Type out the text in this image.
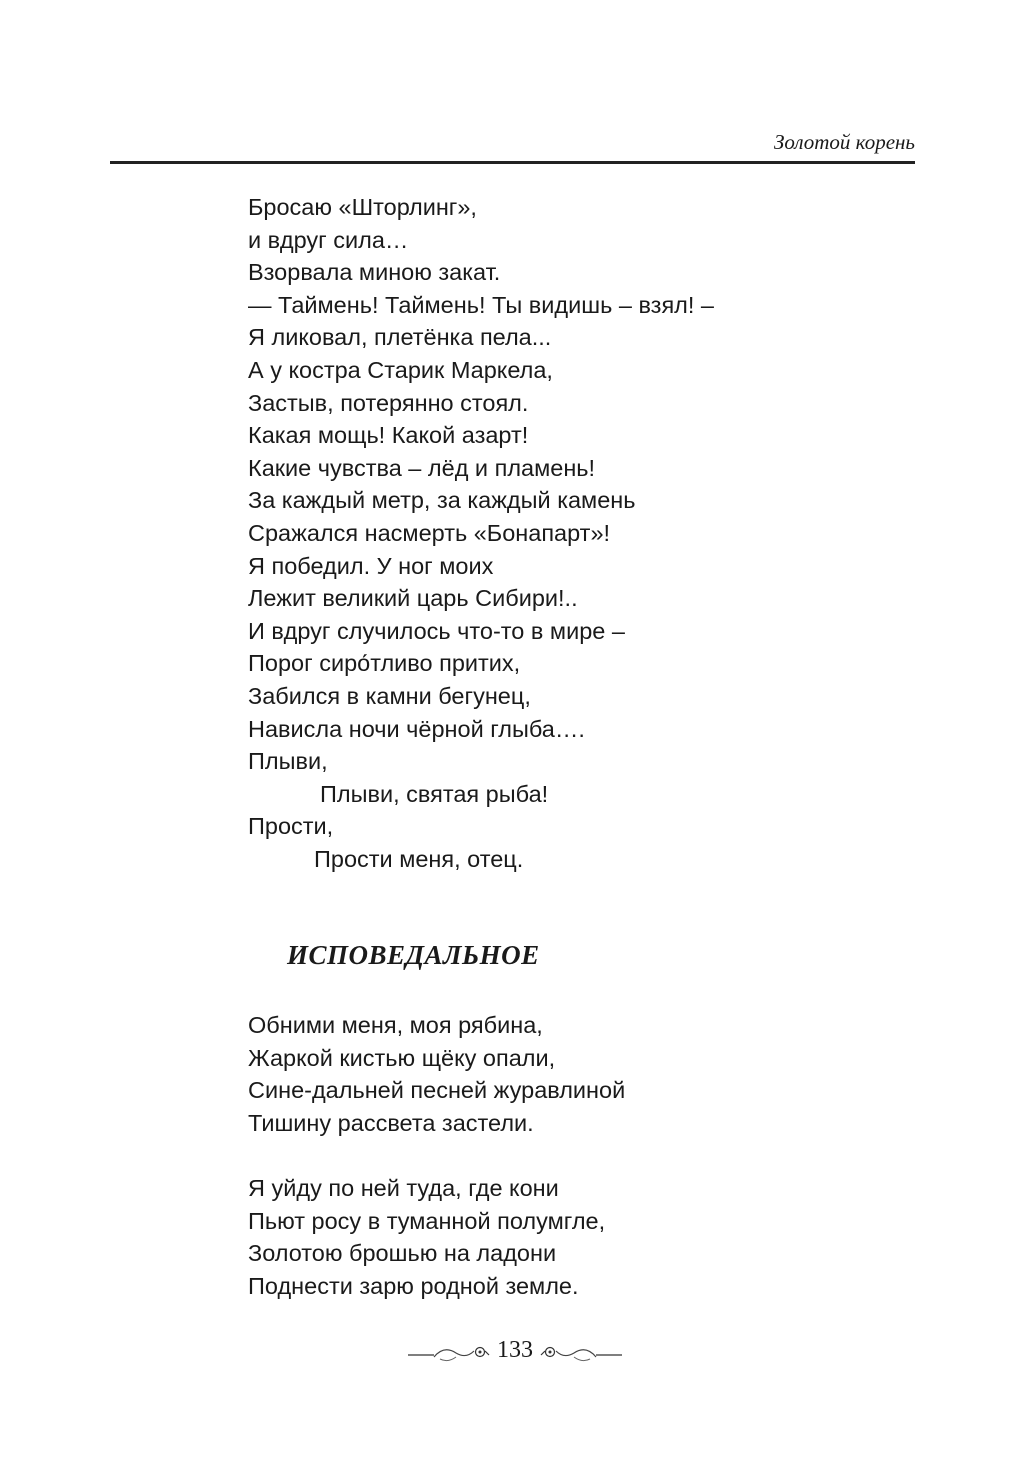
Золотой корень
Бросаю «Шторлинг»,
и вдруг сила…
Взорвала миною закат.
— Таймень! Таймень! Ты видишь – взял! –
Я ликовал, плетёнка пела...
А у костра Старик Маркела,
Застыв, потерянно стоял.
Какая мощь! Какой азарт!
Какие чувства – лёд и пламень!
За каждый метр, за каждый камень
Сражался насмерть «Бонапарт»!
Я победил. У ног моих
Лежит великий царь Сибири!..
И вдруг случилось что-то в мире –
Порог сиро́тливо притих,
Забился в камни бегунец,
Нависла ночи чёрной глыба….
Плыви,
Плыви, святая рыба!
Прости,
Прости меня, отец.
ИСПОВЕДАЛЬНОЕ
Обними меня, моя рябина,
Жаркой кистью щёку опали,
Сине-дальней песней журавлиной
Тишину рассвета застели.
Я уйду по ней туда, где кони
Пьют росу в туманной полумгле,
Золотою брошью на ладони
Поднести зарю родной земле.
133
